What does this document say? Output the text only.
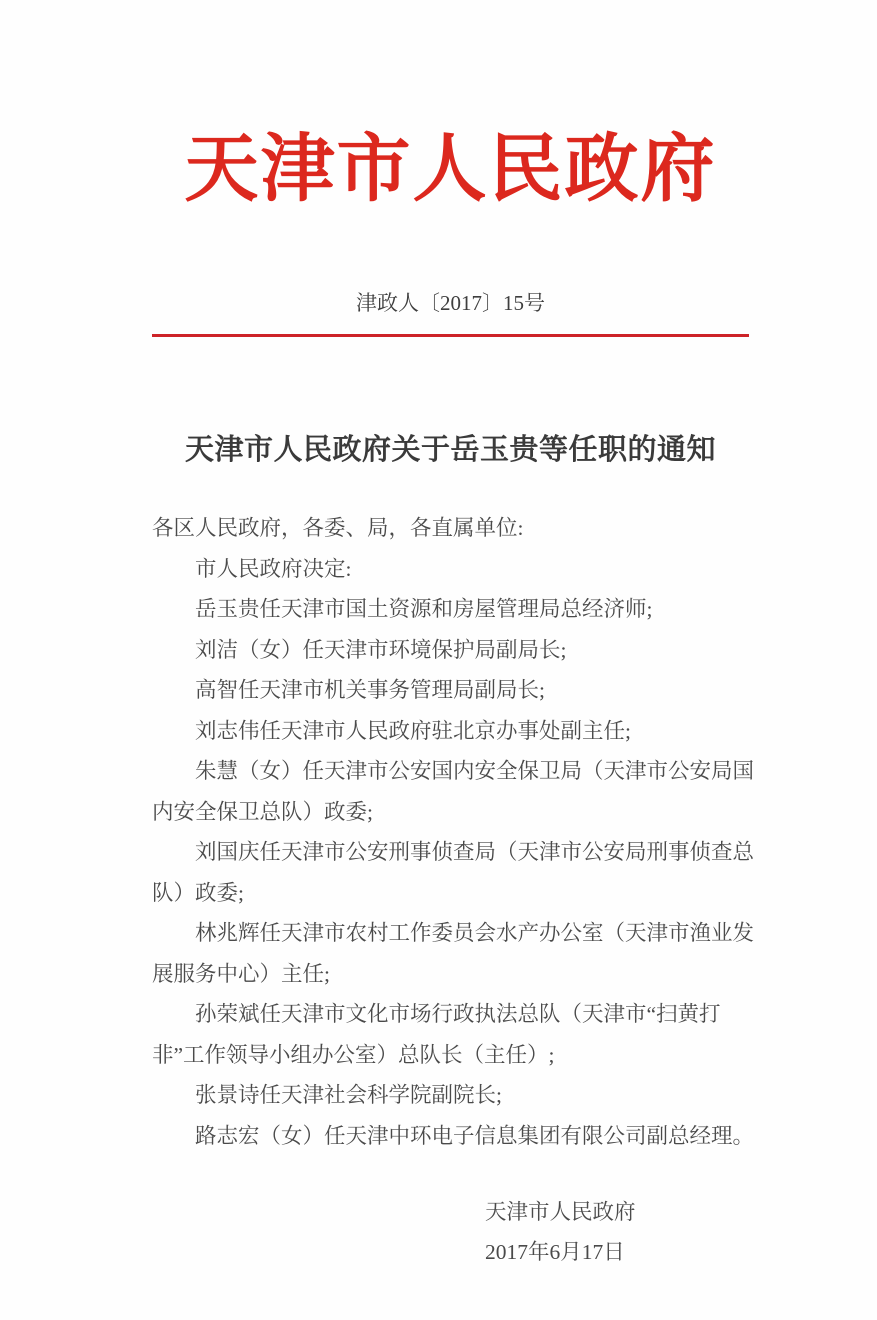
天津市人民政府
津政人〔2017〕15号
天津市人民政府关于岳玉贵等任职的通知
各区人民政府，各委、局，各直属单位:
市人民政府决定:
岳玉贵任天津市国土资源和房屋管理局总经济师;
刘洁（女）任天津市环境保护局副局长;
高智任天津市机关事务管理局副局长;
刘志伟任天津市人民政府驻北京办事处副主任;
朱慧（女）任天津市公安国内安全保卫局（天津市公安局国
内安全保卫总队）政委;
刘国庆任天津市公安刑事侦查局（天津市公安局刑事侦查总
队）政委;
林兆辉任天津市农村工作委员会水产办公室（天津市渔业发
展服务中心）主任;
孙荣斌任天津市文化市场行政执法总队（天津市“扫黄打
非”工作领导小组办公室）总队长（主任）;
张景诗任天津社会科学院副院长;
路志宏（女）任天津中环电子信息集团有限公司副总经理。
天津市人民政府
2017年6月17日
